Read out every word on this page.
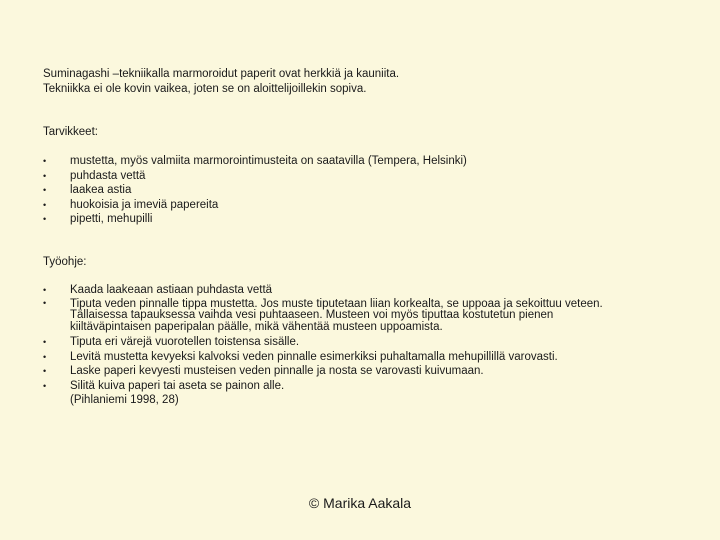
Suminagashi –tekniikalla marmoroidut paperit ovat herkkiä ja kauniita.
Tekniikka ei ole kovin vaikea, joten se on aloittelijoillekin sopiva.
Tarvikkeet:
• mustetta, myös valmiita marmorointimusteita on saatavilla (Tempera, Helsinki)
• puhdasta vettä
• laakea astia
• huokoisia ja imeviä papereita
• pipetti, mehupilli
Työohje:
• Kaada laakeaan astiaan puhdasta vettä
• Tiputa veden pinnalle tippa mustetta. Jos muste tiputetaan liian korkealta, se uppoaa ja sekoittuu veteen. Tällaisessa tapauksessa vaihda vesi puhtaaseen. Musteen voi myös tiputtaa kostutetun pienen kiiltäväpintaisen paperipalan päälle, mikä vähentää musteen uppoamista.
• Tiputa eri värejä vuorotellen toistensa sisälle.
• Levitä mustetta kevyeksi kalvoksi veden pinnalle esimerkiksi puhaltamalla mehupillillä varovasti.
• Laske paperi kevyesti musteisen veden pinnalle ja nosta se varovasti kuivumaan.
• Silitä kuiva paperi tai aseta se painon alle.
(Pihlaniemi 1998, 28)
© Marika Aakala
